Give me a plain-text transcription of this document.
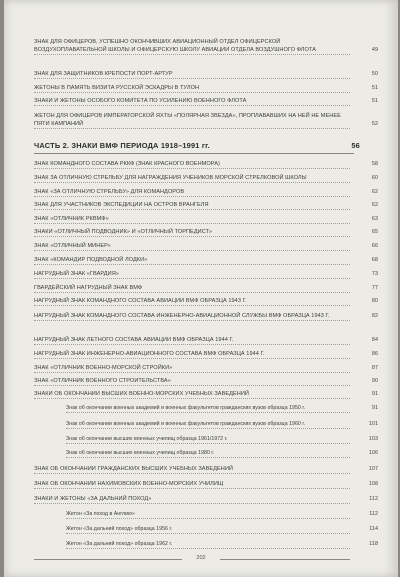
ЗНАК ДЛЯ ОФИЦЕРОВ, УСПЕШНО ОКОНЧИВШИХ АВИАЦИОННЫЙ ОТДЕЛ ОФИЦЕРСКОЙ ВОЗДУХОПЛАВАТЕЛЬНОЙ ШКОЛЫ И ОФИЦЕРСКУЮ ШКОЛУ АВИАЦИИ ОТДЕЛА ВОЗДУШНОГО ФЛОТА	49
ЗНАК ДЛЯ ЗАЩИТНИКОВ КРЕПОСТИ ПОРТ-АРТУР	50
ЖЕТОНЫ В ПАМЯТЬ ВИЗИТА РУССКОЙ ЭСКАДРЫ В ТУЛОН	51
ЗНАКИ И ЖЕТОНЫ ОСОБОГО КОМИТЕТА ПО УСИЛЕНИЮ ВОЕННОГО ФЛОТА	51
ЖЕТОН ДЛЯ ОФИЦЕРОВ ИМПЕРАТОРСКОЙ ЯХТЫ «ПОЛЯРНАЯ ЗВЕЗДА», ПРОПЛАВАВШИХ НА НЕЙ НЕ МЕНЕЕ ПЯТИ КАМПАНИЙ	52
ЧАСТЬ 2. ЗНАКИ ВМФ ПЕРИОДА 1918–1991 гг.	56
ЗНАК КОМАНДНОГО СОСТАВА РККФ (ЗНАК КРАСНОГО ВОЕНМОРА)	58
ЗНАК ЗА ОТЛИЧНУЮ СТРЕЛЬБУ ДЛЯ НАГРАЖДЕНИЯ УЧЕНИКОВ МОРСКОЙ СТРЕЛКОВОЙ ШКОЛЫ	60
ЗНАК «ЗА ОТЛИЧНУЮ СТРЕЛЬБУ» ДЛЯ КОМАНДОРОВ	62
ЗНАК ДЛЯ УЧАСТНИКОВ ЭКСПЕДИЦИИ НА ОСТРОВ ВРАНГЕЛЯ	62
ЗНАК «ОТЛИЧНИК РКВМФ»	63
ЗНАКИ «ОТЛИЧНЫЙ ПОДВОДНИК» И «ОТЛИЧНЫЙ ТОРПЕДИСТ»	65
ЗНАК «ОТЛИЧНЫЙ МИНЕР»	66
ЗНАК «КОМАНДИР ПОДВОДНОЙ ЛОДКИ»	68
НАГРУДНЫЙ ЗНАК «ГВАРДИЯ»	73
ГВАРДЕЙСКИЙ НАГРУДНЫЙ ЗНАК ВМФ	77
НАГРУДНЫЙ ЗНАК КОМАНДНОГО СОСТАВА АВИАЦИИ ВМФ ОБРАЗЦА 1943 Г.	80
НАГРУДНЫЙ ЗНАК КОМАНДНОГО СОСТАВА ИНЖЕНЕРНО-АВИАЦИОННОЙ СЛУЖБЫ ВМФ ОБРАЗЦА 1943 Г.	82
НАГРУДНЫЙ ЗНАК ЛЕТНОГО СОСТАВА АВИАЦИИ ВМФ ОБРАЗЦА 1944 Г.	84
НАГРУДНЫЙ ЗНАК ИНЖЕНЕРНО-АВИАЦИОННОГО СОСТАВА ВМФ ОБРАЗЦА 1944 Г.	86
ЗНАК «ОТЛИЧНИК ВОЕННО-МОРСКОЙ СТРОЙКИ»	87
ЗНАК «ОТЛИЧНИК ВОЕННОГО СТРОИТЕЛЬСТВА»	90
ЗНАКИ ОБ ОКОНЧАНИИ ВЫСШИХ ВОЕННО-МОРСКИХ УЧЕБНЫХ ЗАВЕДЕНИЙ	91
Знак об окончании военных академий и военных факультетов гражданских вузов образца 1950 г.	91
Знак об окончании военных академий и военных факультетов гражданских вузов образца 1960 г.	101
Знак об окончании высших военных училищ образца 1961/1972 г.	103
Знак об окончании высших военных училищ образца 1980 г.	106
ЗНАК ОБ ОКОНЧАНИИ ГРАЖДАНСКИХ ВЫСШИХ УЧЕБНЫХ ЗАВЕДЕНИЙ	107
ЗНАК ОБ ОКОНЧАНИИ НАХИМОВСКИХ ВОЕННО-МОРСКИХ УЧИЛИЩ	108
ЗНАКИ И ЖЕТОНЫ «ЗА ДАЛЬНИЙ ПОХОД»	112
Жетон «За поход в Англию»	112
Жетон «За дальний поход» образца 1956 г.	114
Жетон «За дальний поход» образца 1962 г.	118
202
